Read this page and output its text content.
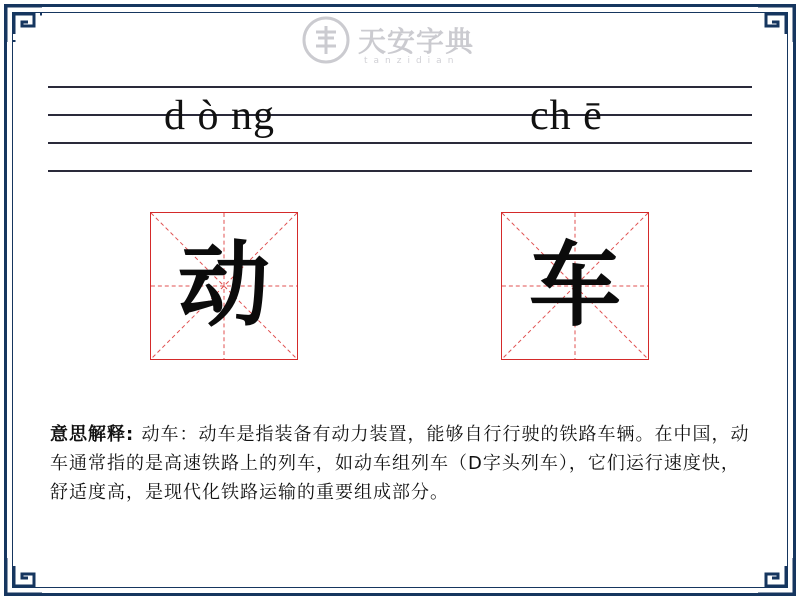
天安字典
tanzidian
d ò ng	ch ē
动	车
意思解释: 动车：动车是指装备有动力装置，能够自行行驶的铁路车辆。在中国，动车通常指的是高速铁路上的列车，如动车组列车（D字头列车），它们运行速度快，舒适度高，是现代化铁路运输的重要组成部分。
